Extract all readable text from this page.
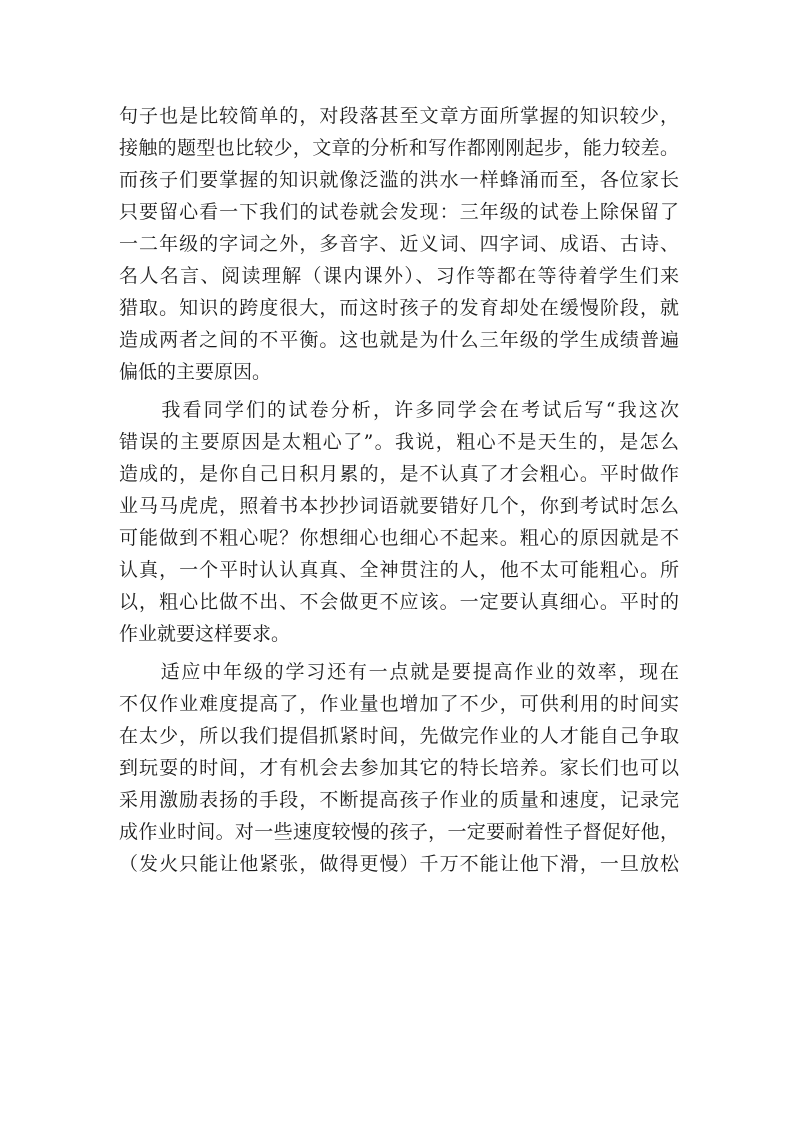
句子也是比较简单的，对段落甚至文章方面所掌握的知识较少，
接触的题型也比较少，文章的分析和写作都刚刚起步，能力较差。
而孩子们要掌握的知识就像泛滥的洪水一样蜂涌而至，各位家长
只要留心看一下我们的试卷就会发现：三年级的试卷上除保留了
一二年级的字词之外，多音字、近义词、四字词、成语、古诗、
名人名言、阅读理解（课内课外）、习作等都在等待着学生们来
猎取。知识的跨度很大，而这时孩子的发育却处在缓慢阶段，就
造成两者之间的不平衡。这也就是为什么三年级的学生成绩普遍
偏低的主要原因。
　　我看同学们的试卷分析，许多同学会在考试后写“我这次
错误的主要原因是太粗心了”。我说，粗心不是天生的，是怎么
造成的，是你自己日积月累的，是不认真了才会粗心。平时做作
业马马虎虎，照着书本抄抄词语就要错好几个，你到考试时怎么
可能做到不粗心呢？你想细心也细心不起来。粗心的原因就是不
认真，一个平时认认真真、全神贯注的人，他不太可能粗心。所
以，粗心比做不出、不会做更不应该。一定要认真细心。平时的
作业就要这样要求。
　　适应中年级的学习还有一点就是要提高作业的效率，现在
不仅作业难度提高了，作业量也增加了不少，可供利用的时间实
在太少，所以我们提倡抓紧时间，先做完作业的人才能自己争取
到玩耍的时间，才有机会去参加其它的特长培养。家长们也可以
采用激励表扬的手段，不断提高孩子作业的质量和速度，记录完
成作业时间。对一些速度较慢的孩子，一定要耐着性子督促好他，
（发火只能让他紧张，做得更慢）千万不能让他下滑，一旦放松
